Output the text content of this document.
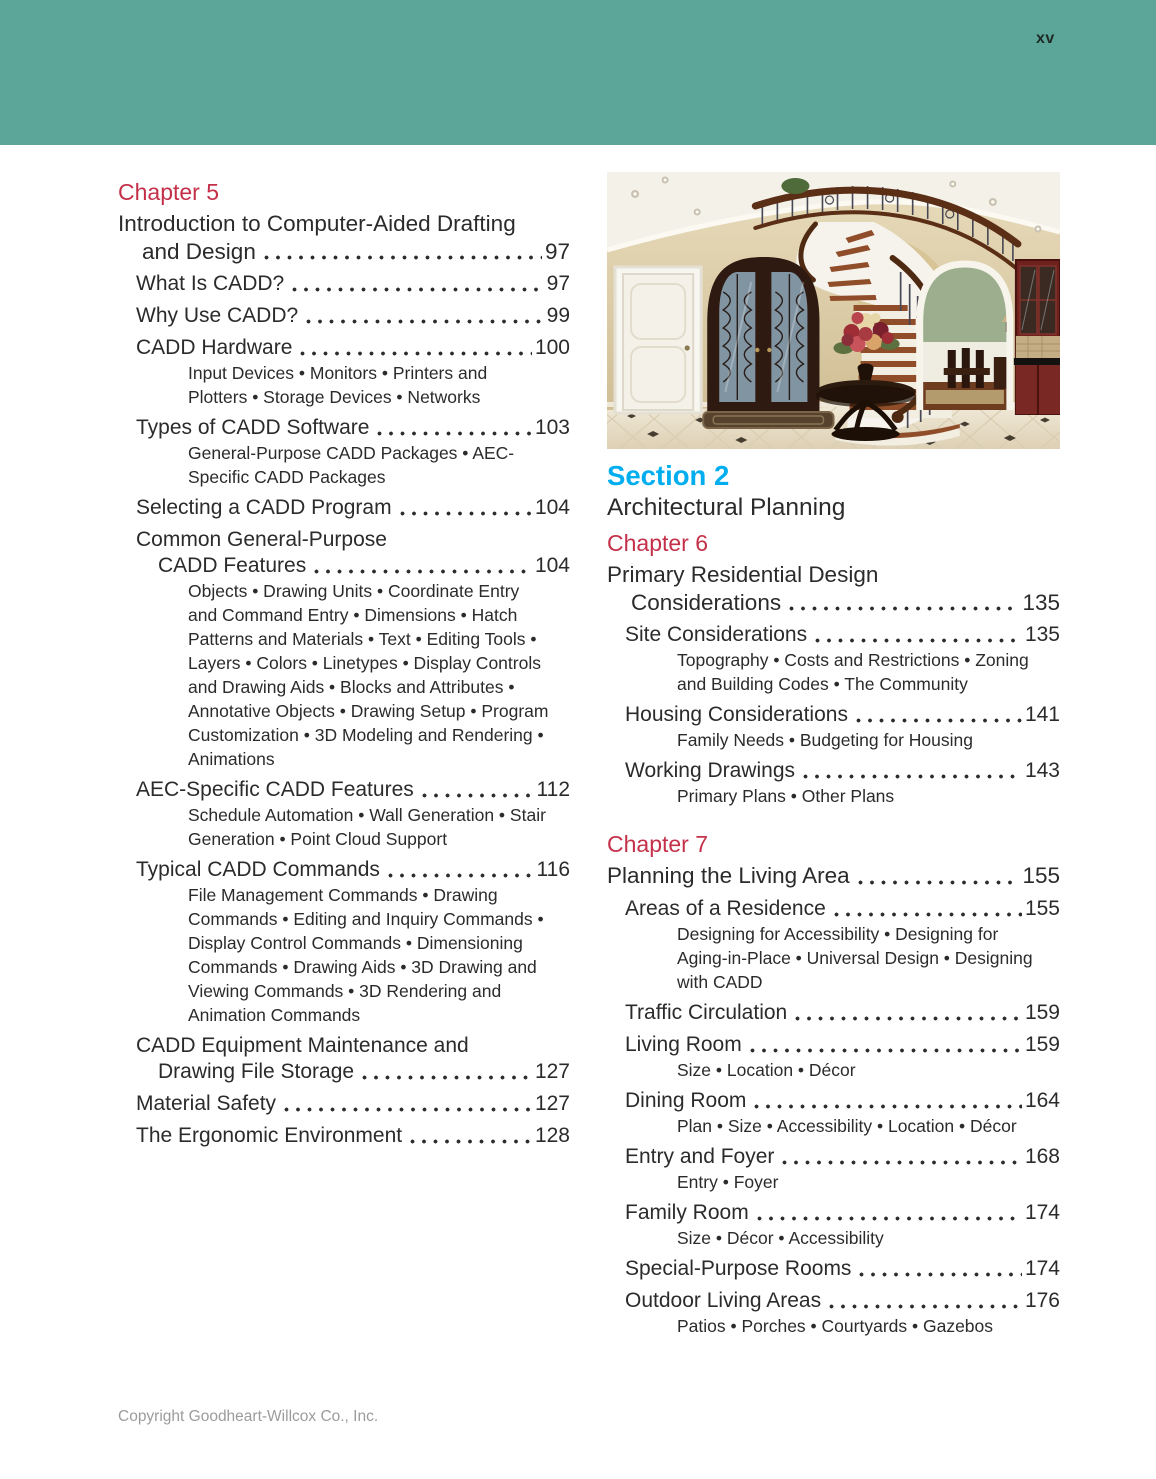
xv
Chapter 5
Introduction to Computer-Aided Drafting
and Design	97
What Is CADD?	97
Why Use CADD?	99
CADD Hardware	100
Input Devices • Monitors • Printers and Plotters • Storage Devices • Networks
Types of CADD Software	103
General-Purpose CADD Packages • AEC-Specific CADD Packages
Selecting a CADD Program	104
Common General-Purpose
CADD Features	104
Objects • Drawing Units • Coordinate Entry and Command Entry • Dimensions • Hatch Patterns and Materials • Text • Editing Tools • Layers • Colors • Linetypes • Display Controls and Drawing Aids • Blocks and Attributes • Annotative Objects • Drawing Setup • Program Customization • 3D Modeling and Rendering • Animations
AEC-Specific CADD Features	112
Schedule Automation • Wall Generation • Stair Generation • Point Cloud Support
Typical CADD Commands	116
File Management Commands • Drawing Commands • Editing and Inquiry Commands • Display Control Commands • Dimensioning Commands • Drawing Aids • 3D Drawing and Viewing Commands • 3D Rendering and Animation Commands
CADD Equipment Maintenance and
Drawing File Storage	127
Material Safety	127
The Ergonomic Environment	128
Section 2
Architectural Planning
Chapter 6
Primary Residential Design
Considerations	135
Site Considerations	135
Topography • Costs and Restrictions • Zoning and Building Codes • The Community
Housing Considerations	141
Family Needs • Budgeting for Housing
Working Drawings	143
Primary Plans • Other Plans
Chapter 7
Planning the Living Area	155
Areas of a Residence	155
Designing for Accessibility • Designing for Aging-in-Place • Universal Design • Designing with CADD
Traffic Circulation	159
Living Room	159
Size • Location • Décor
Dining Room	164
Plan • Size • Accessibility • Location • Décor
Entry and Foyer	168
Entry • Foyer
Family Room	174
Size • Décor • Accessibility
Special-Purpose Rooms	174
Outdoor Living Areas	176
Patios • Porches • Courtyards • Gazebos
Copyright Goodheart-Willcox Co., Inc.
